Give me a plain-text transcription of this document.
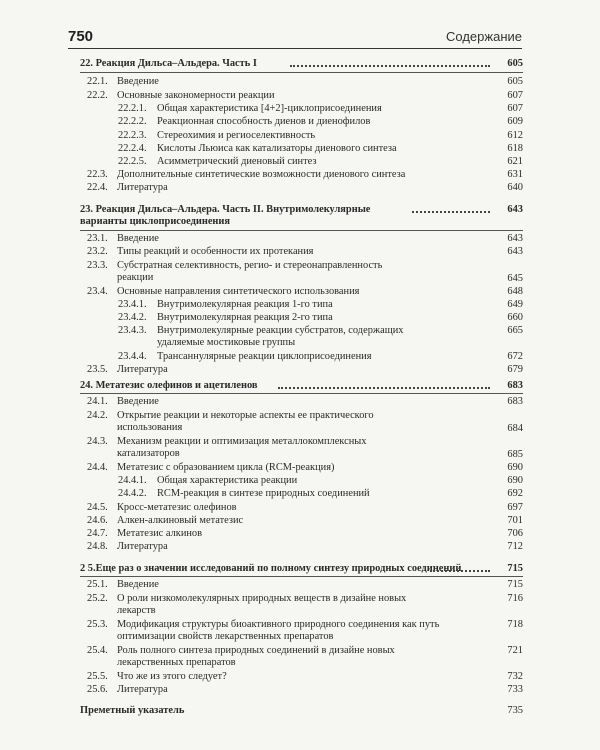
750	Содержание
22. Реакция Дильса–Альдера. Часть I	605
22.1. Введение	605
22.2. Основные закономерности реакции	607
22.2.1. Общая характеристика [4+2]-циклоприсоединения	607
22.2.2. Реакционная способность диенов и диенофилов	609
22.2.3. Стереохимия и региоселективность	612
22.2.4. Кислоты Льюиса как катализаторы диенового синтеза	618
22.2.5. Асимметрический диеновый синтез	621
22.3. Дополнительные синтетические возможности диенового синтеза	631
22.4. Литература	640
23. Реакция Дильса–Альдера. Часть II. Внутримолекулярные варианты циклоприсоединения
643
23.1. Введение	643
23.2. Типы реакций и особенности их протекания	643
23.3. Субстратная селективность, регио- и стереонаправленность реакции	645
23.4. Основные направления синтетического использования	648
23.4.1. Внутримолекулярная реакция 1-го типа	649
23.4.2. Внутримолекулярная реакция 2-го типа	660
23.4.3. Внутримолекулярные реакции субстратов, содержащих удаляемые мостиковые группы
665
23.4.4. Трансаннулярные реакции циклоприсоединения	672
23.5. Литература	679
24. Метатезис олефинов и ацетиленов	683
24.1. Введение	683
24.2. Открытие реакции и некоторые аспекты ее практического использования	684
24.3. Механизм реакции и оптимизация металлокомплексных катализаторов	685
24.4. Метатезис с образованием цикла (RCM-реакция)	690
24.4.1. Общая характеристика реакции	690
24.4.2. RCM-реакция в синтезе природных соединений	692
24.5. Кросс-метатезис олефинов	697
24.6. Алкен-алкиновый метатезис	701
24.7. Метатезис алкинов	706
24.8. Литература	712
2 5.Еще раз о значении исследований по полному синтезу природных соединений	715
25.1. Введение	715
25.2. О роли низкомолекулярных природных веществ в дизайне новых лекарств
716
25.3. Модификация структуры биоактивного природного соединения как путь оптимизации свойств лекарственных препаратов
718
25.4. Роль полного синтеза природных соединений в дизайне новых лекарственных препаратов
721
25.5. Что же из этого следует?	732
25.6. Литература	733
Преметный указатель	735
